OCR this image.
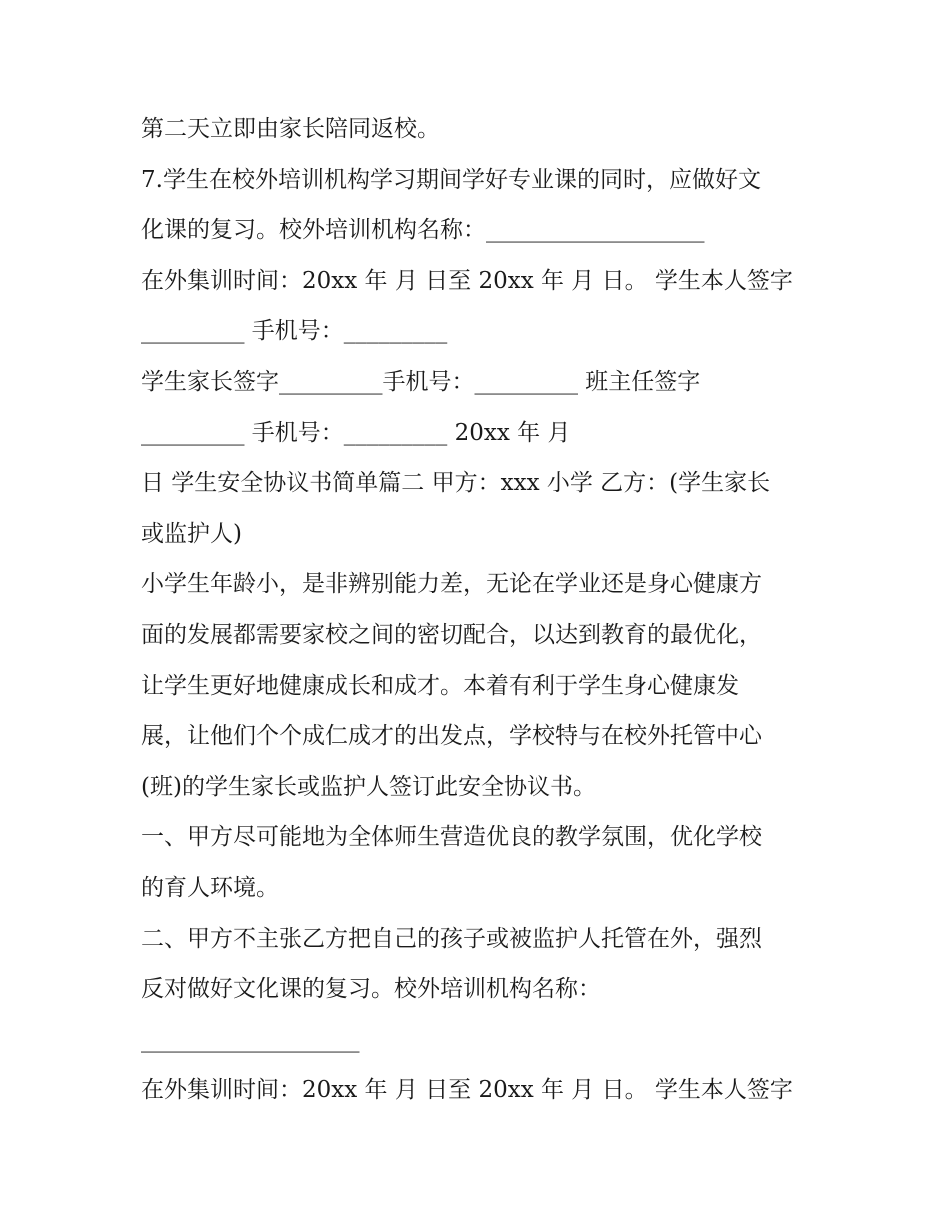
第二天立即由家长陪同返校。
7.学生在校外培训机构学习期间学好专业课的同时，应做好文
化课的复习。校外培训机构名称：___________________
在外集训时间：20xx 年 月 日至 20xx 年 月 日。 学生本人签字
_________ 手机号：_________
学生家长签字_________手机号：_________ 班主任签字
_________ 手机号：_________ 20xx 年 月
日 学生安全协议书简单篇二 甲方：xxx 小学 乙方：(学生家长
或监护人)
小学生年龄小，是非辨别能力差，无论在学业还是身心健康方
面的发展都需要家校之间的密切配合，以达到教育的最优化，
让学生更好地健康成长和成才。本着有利于学生身心健康发
展，让他们个个成仁成才的出发点，学校特与在校外托管中心
(班)的学生家长或监护人签订此安全协议书。
一、甲方尽可能地为全体师生营造优良的教学氛围，优化学校
的育人环境。
二、甲方不主张乙方把自己的孩子或被监护人托管在外，强烈
反对做好文化课的复习。校外培训机构名称：
___________________
在外集训时间：20xx 年 月 日至 20xx 年 月 日。 学生本人签字
